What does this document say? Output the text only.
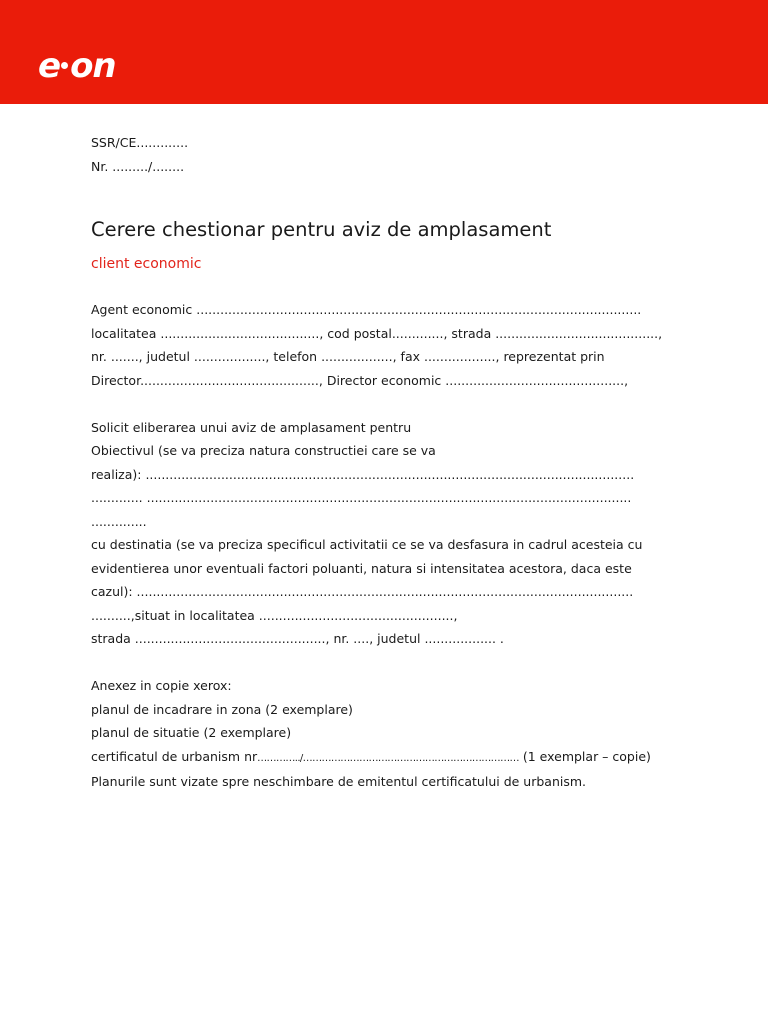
e on
SSR/CE.............
Nr. ........./........
Cerere chestionar pentru aviz de amplasament
client economic
Agent economic ................................................................................................................
localitatea ........................................, cod postal............., strada .........................................,
nr. ......., judetul .................., telefon .................., fax .................., reprezentat prin
Director............................................., Director economic .............................................,
Solicit eliberarea unui aviz de amplasament pentru
Obiectivul (se va preciza natura constructiei care se va
realiza): ...........................................................................................................................
............. ..........................................................................................................................
..............
cu destinatia (se va preciza specificul activitatii ce se va desfasura in cadrul acesteia cu
evidentierea unor eventuali factori poluanti, natura si intensitatea acestora, daca este
cazul): .............................................................................................................................
..........,situat in localitatea .................................................,
strada ................................................, nr. ...., judetul .................. .
Anexez in copie xerox:
planul de incadrare in zona (2 exemplare)
planul de situatie (2 exemplare)
certificatul de urbanism nr…………../…………………………………………………………… (1 exemplar – copie)
Planurile sunt vizate spre neschimbare de emitentul certificatului de urbanism.
